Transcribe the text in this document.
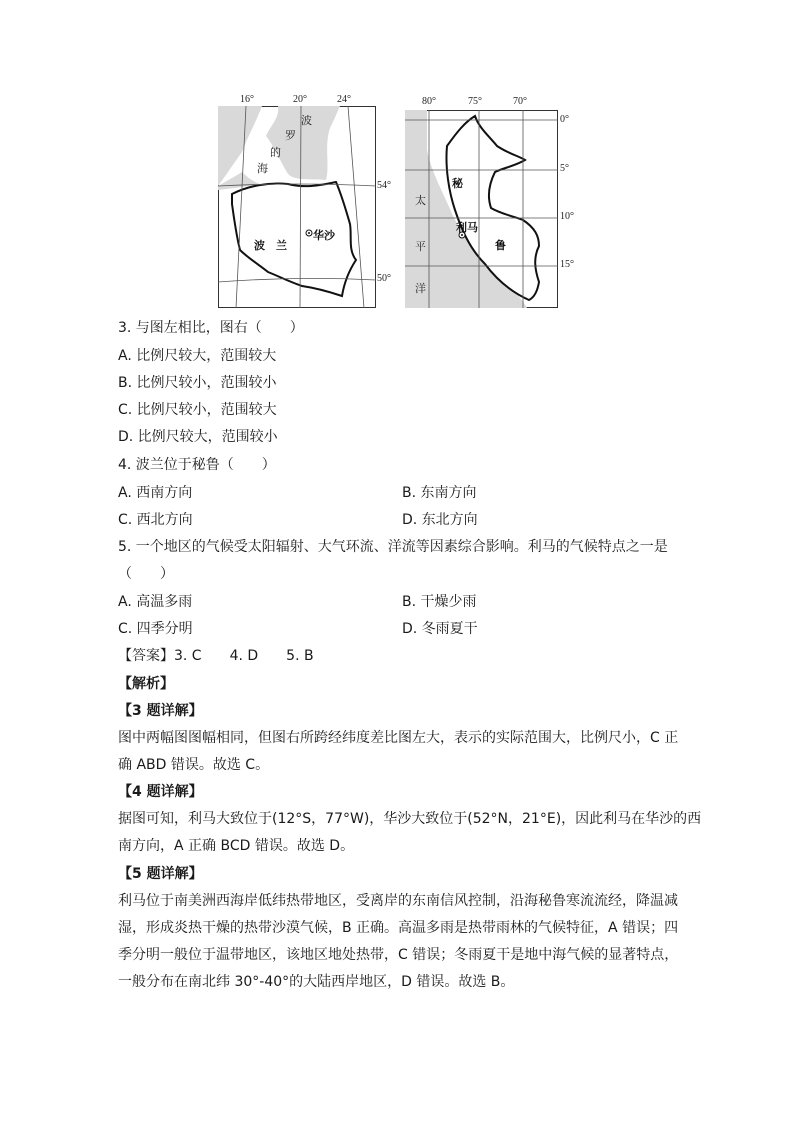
16°	20°	24°
54°
50°
波
罗
的
海
波　兰
华沙
80°	75°	70°
0°
5°
10°
15°
太
平
洋
秘
鲁
利马
3. 与图左相比，图右（　　）
A. 比例尺较大，范围较大
B. 比例尺较小，范围较小
C. 比例尺较小，范围较大
D. 比例尺较大，范围较小
4. 波兰位于秘鲁（　　）
A. 西南方向	B. 东南方向
C. 西北方向	D. 东北方向
5. 一个地区的气候受太阳辐射、大气环流、洋流等因素综合影响。利马的气候特点之一是
（　　）
A. 高温多雨	B. 干燥少雨
C. 四季分明	D. 冬雨夏干
【答案】3. C　　4. D　　5. B
【解析】
【3 题详解】
图中两幅图图幅相同，但图右所跨经纬度差比图左大，表示的实际范围大，比例尺小，C 正
确 ABD 错误。故选 C。
【4 题详解】
据图可知，利马大致位于(12°S，77°W)，华沙大致位于(52°N，21°E)，因此利马在华沙的西
南方向，A 正确 BCD 错误。故选 D。
【5 题详解】
利马位于南美洲西海岸低纬热带地区，受离岸的东南信风控制，沿海秘鲁寒流流经，降温减
湿，形成炎热干燥的热带沙漠气候，B 正确。高温多雨是热带雨林的气候特征，A 错误；四
季分明一般位于温带地区，该地区地处热带，C 错误；冬雨夏干是地中海气候的显著特点，
一般分布在南北纬 30°-40°的大陆西岸地区，D 错误。故选 B。
